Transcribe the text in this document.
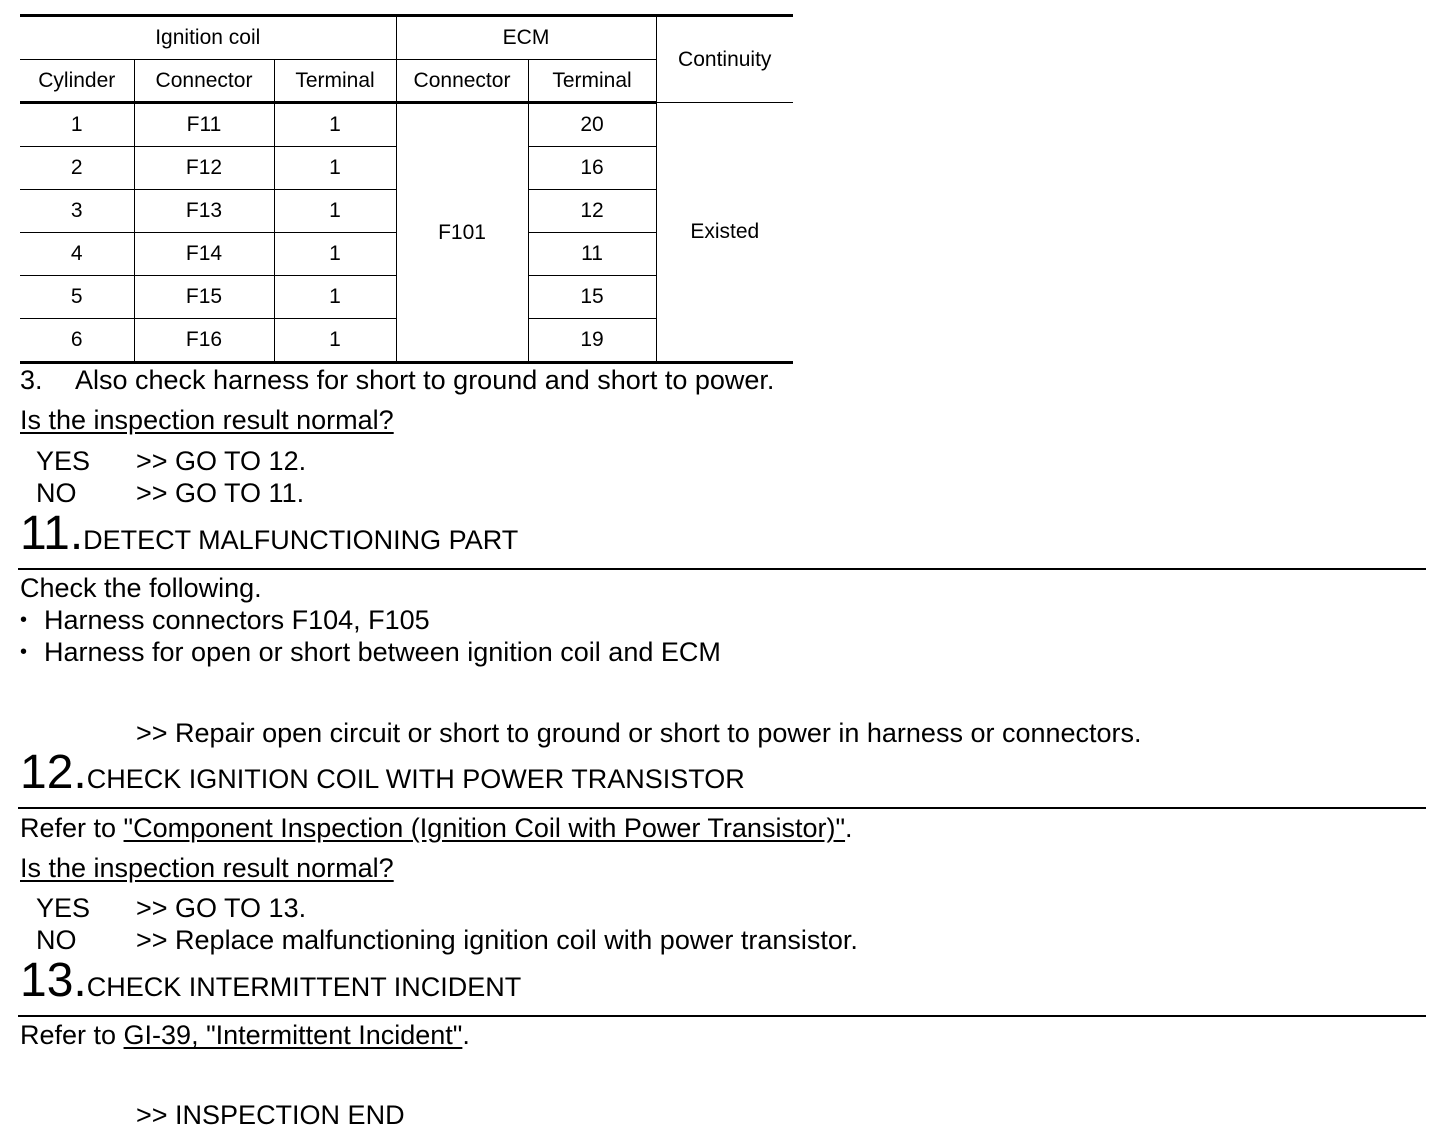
Ignition coil			ECM		Continuity
Cylinder	Connector	Terminal	Connector	Terminal	
1	F11	1	F101	20	Existed
2	F12	1		16	
3	F13	1		12	
4	F14	1		11	
5	F15	1		15	
6	F16	1		19	
3. Also check harness for short to ground and short to power.
Is the inspection result normal?
YES >> GO TO 12.
NO >> GO TO 11.
11.DETECT MALFUNCTIONING PART
Check the following.
• Harness connectors F104, F105
• Harness for open or short between ignition coil and ECM
>> Repair open circuit or short to ground or short to power in harness or connectors.
12.CHECK IGNITION COIL WITH POWER TRANSISTOR
Refer to "Component Inspection (Ignition Coil with Power Transistor)".
Is the inspection result normal?
YES >> GO TO 13.
NO >> Replace malfunctioning ignition coil with power transistor.
13.CHECK INTERMITTENT INCIDENT
Refer to GI-39, "Intermittent Incident".
>> INSPECTION END
